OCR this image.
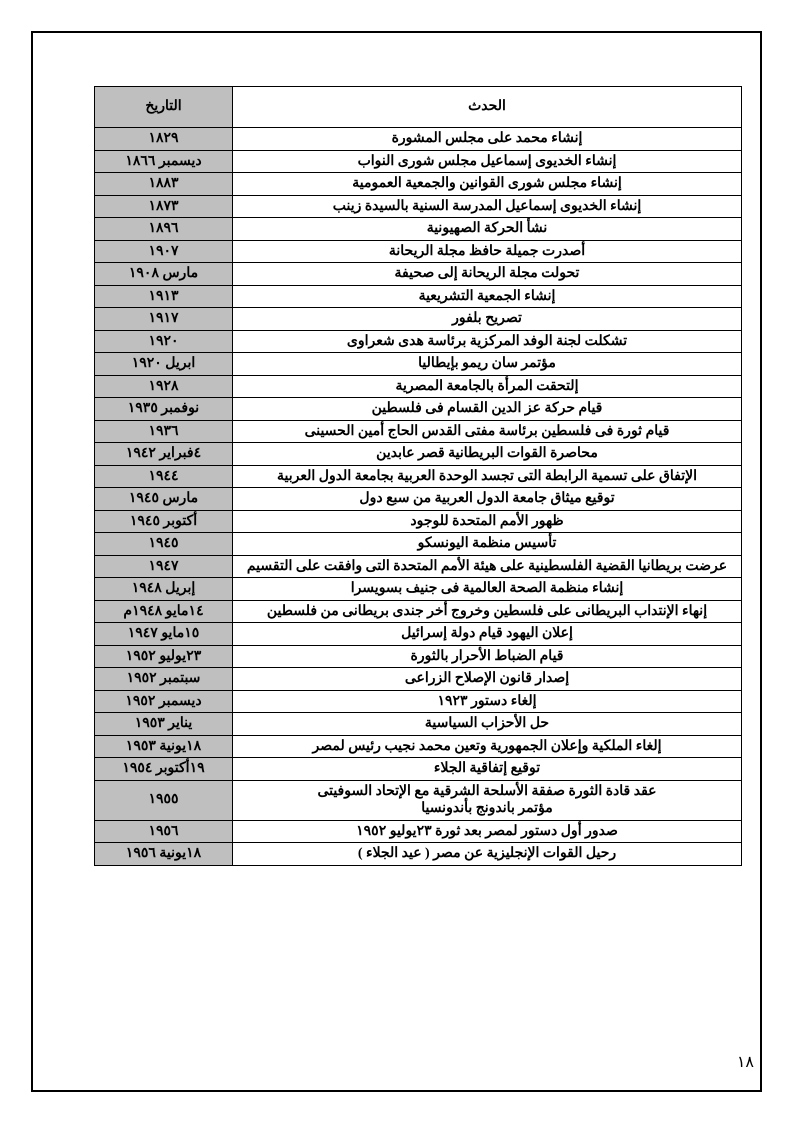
الحدث	التاريخ
إنشاء محمد على مجلس المشورة	١٨٢٩
إنشاء الخديوى إسماعيل مجلس شورى النواب	ديسمبر ١٨٦٦
إنشاء مجلس شورى القوانين والجمعية العمومية	١٨٨٣
إنشاء الخديوى إسماعيل المدرسة السنية بالسيدة زينب	١٨٧٣
نشأ الحركة الصهيونية	١٨٩٦
أصدرت جميلة حافظ مجلة الريحانة	١٩٠٧
تحولت مجلة الريحانة إلى صحيفة	مارس ١٩٠٨
إنشاء الجمعية التشريعية	١٩١٣
تصريح بلفور	١٩١٧
تشكلت لجنة الوفد المركزية برئاسة هدى شعراوى	١٩٢٠
مؤتمر سان ريمو بإيطاليا	ابريل ١٩٢٠
إلتحقت المرأة بالجامعة المصرية	١٩٢٨
قيام حركة عز الدين القسام فى فلسطين	نوفمبر ١٩٣٥
قيام ثورة فى فلسطين برئاسة مفتى القدس الحاج أمين الحسينى	١٩٣٦
محاصرة القوات البريطانية قصر عابدين	٤فبراير ١٩٤٢
الإتفاق على تسمية الرابطة التى تجسد الوحدة العربية بجامعة الدول العربية	١٩٤٤
توقيع ميثاق جامعة الدول العربية من سبع دول	مارس ١٩٤٥
ظهور الأمم المتحدة للوجود	أكتوبر ١٩٤٥
تأسيس منظمة اليونسكو	١٩٤٥
عرضت بريطانيا القضية الفلسطينية على هيئة الأمم المتحدة التى وافقت على التقسيم	١٩٤٧
إنشاء منظمة الصحة العالمية فى جنيف بسويسرا	إبريل ١٩٤٨
إنهاء الإنتداب البريطانى على فلسطين وخروج أخر جندى بريطانى من فلسطين	١٤مايو ١٩٤٨م
إعلان اليهود قيام دولة إسرائيل	١٥مايو ١٩٤٧
قيام الضباط الأحرار بالثورة	٢٣يوليو ١٩٥٢
إصدار قانون الإصلاح الزراعى	سبتمبر ١٩٥٢
إلغاء دستور ١٩٢٣	ديسمبر ١٩٥٢
حل الأحزاب السياسية	يناير ١٩٥٣
إلغاء الملكية وإعلان الجمهورية وتعين محمد نجيب رئيس لمصر	١٨يونية ١٩٥٣
توقيع إتفاقية الجلاء	١٩أكتوبر ١٩٥٤
عقد قادة الثورة صفقة الأسلحة الشرقية مع الإتحاد السوفيتى
مؤتمر باندونج بأندونسيا	١٩٥٥
صدور أول دستور لمصر بعد ثورة ٢٣يوليو ١٩٥٢	١٩٥٦
رحيل القوات الإنجليزية عن مصر ( عيد الجلاء )	١٨يونية ١٩٥٦
١٨
